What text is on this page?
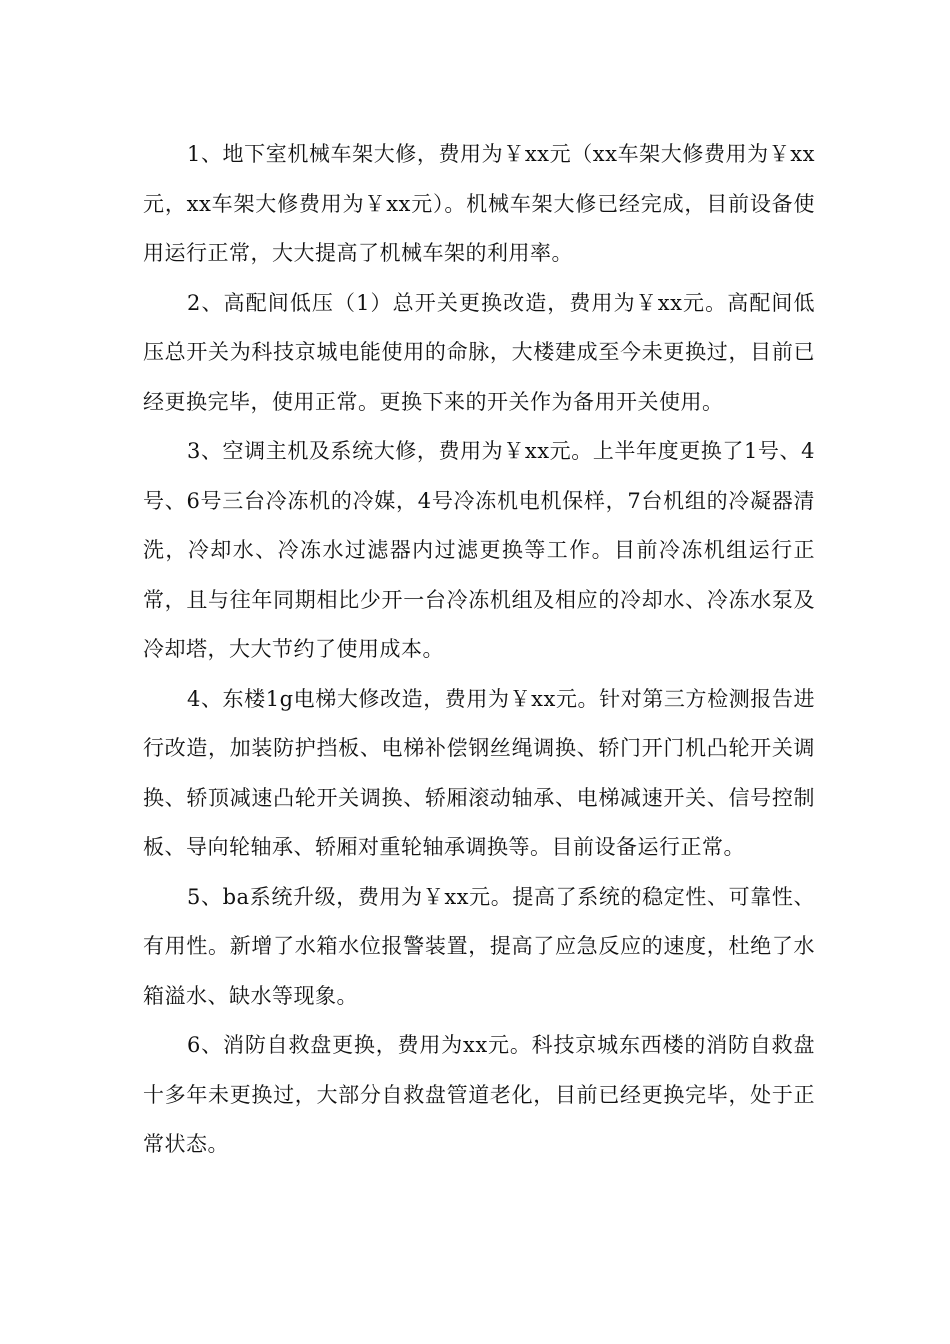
1、地下室机械车架大修，费用为￥xx元（xx车架大修费用为￥xx元，xx车架大修费用为￥xx元）。机械车架大修已经完成，目前设备使用运行正常，大大提高了机械车架的利用率。

2、高配间低压（1）总开关更换改造，费用为￥xx元。高配间低压总开关为科技京城电能使用的命脉，大楼建成至今未更换过，目前已经更换完毕，使用正常。更换下来的开关作为备用开关使用。

3、空调主机及系统大修，费用为￥xx元。上半年度更换了1号、4号、6号三台冷冻机的冷媒，4号冷冻机电机保样，7台机组的冷凝器清洗，冷却水、冷冻水过滤器内过滤更换等工作。目前冷冻机组运行正常，且与往年同期相比少开一台冷冻机组及相应的冷却水、冷冻水泵及冷却塔，大大节约了使用成本。

4、东楼1g电梯大修改造，费用为￥xx元。针对第三方检测报告进行改造，加装防护挡板、电梯补偿钢丝绳调换、轿门开门机凸轮开关调换、轿顶减速凸轮开关调换、轿厢滚动轴承、电梯减速开关、信号控制板、导向轮轴承、轿厢对重轮轴承调换等。目前设备运行正常。

5、ba系统升级，费用为￥xx元。提高了系统的稳定性、可靠性、有用性。新增了水箱水位报警装置，提高了应急反应的速度，杜绝了水箱溢水、缺水等现象。

6、消防自救盘更换，费用为xx元。科技京城东西楼的消防自救盘十多年未更换过，大部分自救盘管道老化，目前已经更换完毕，处于正常状态。
